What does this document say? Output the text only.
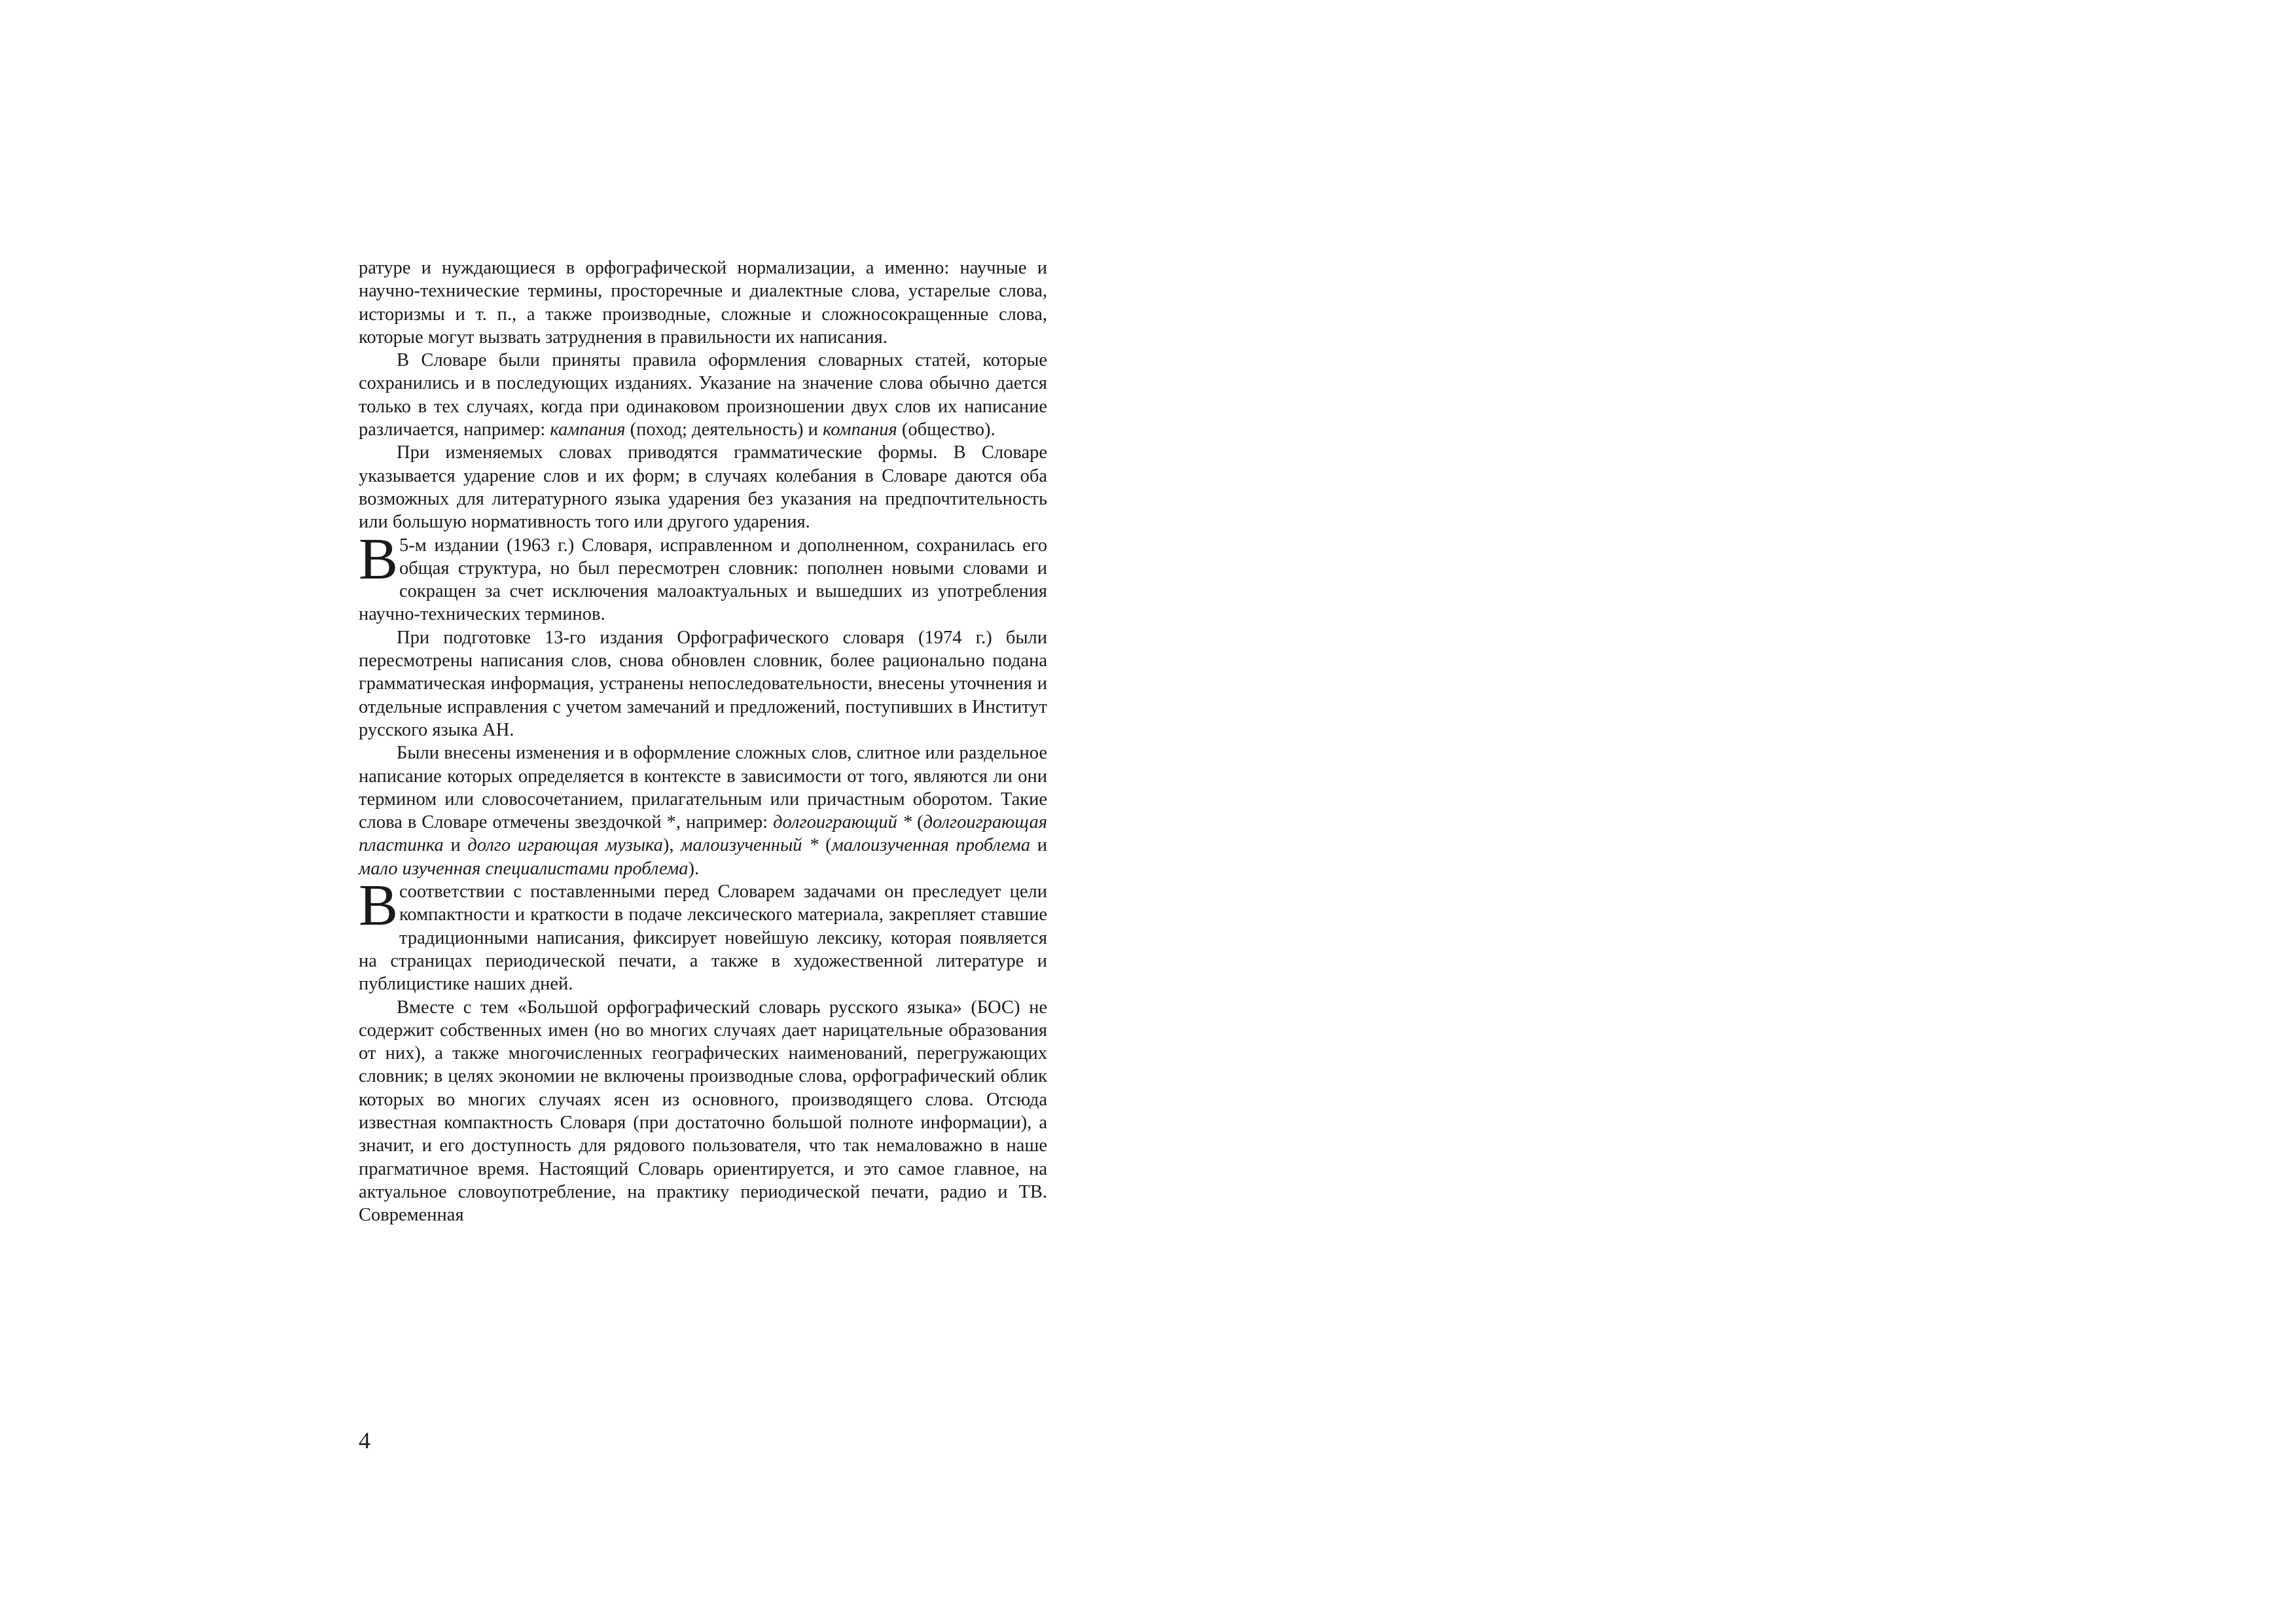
ратуре и нуждающиеся в орфографической нормализации, а именно: научные и научно-технические термины, просторечные и диалектные слова, устарелые слова, историзмы и т. п., а также производные, сложные и сложносокращенные слова, которые могут вызвать затруднения в правильности их написания.

В Словаре были приняты правила оформления словарных статей, которые сохранились и в последующих изданиях. Указание на значение слова обычно дается только в тех случаях, когда при одинаковом произношении двух слов их написание различается, например: кампания (поход; деятельность) и компания (общество).

При изменяемых словах приводятся грамматические формы. В Словаре указывается ударение слов и их форм; в случаях колебания в Словаре даются оба возможных для литературного языка ударения без указания на предпочтительность или большую нормативность того или другого ударения.

В 5-м издании (1963 г.) Словаря, исправленном и дополненном, сохранилась его общая структура, но был пересмотрен словник: пополнен новыми словами и сокращен за счет исключения малоактуальных и вышедших из употребления научно-технических терминов.

При подготовке 13-го издания Орфографического словаря (1974 г.) были пересмотрены написания слов, снова обновлен словник, более рационально подана грамматическая информация, устранены непоследовательности, внесены уточнения и отдельные исправления с учетом замечаний и предложений, поступивших в Институт русского языка АН.

Были внесены изменения и в оформление сложных слов, слитное или раздельное написание которых определяется в контексте в зависимости от того, являются ли они термином или словосочетанием, прилагательным или причастным оборотом. Такие слова в Словаре отмечены звездочкой *, например: долгоиграющий * (долгоиграющая пластинка и долго играющая музыка), малоизученный * (малоизученная проблема и мало изученная специалистами проблема).

В соответствии с поставленными перед Словарем задачами он преследует цели компактности и краткости в подаче лексического материала, закрепляет ставшие традиционными написания, фиксирует новейшую лексику, которая появляется на страницах периодической печати, а также в художественной литературе и публицистике наших дней.

Вместе с тем «Большой орфографический словарь русского языка» (БОС) не содержит собственных имен (но во многих случаях дает нарицательные образования от них), а также многочисленных географических наименований, перегружающих словник; в целях экономии не включены производные слова, орфографический облик которых во многих случаях ясен из основного, производящего слова. Отсюда известная компактность Словаря (при достаточно большой полноте информации), а значит, и его доступность для рядового пользователя, что так немаловажно в наше прагматичное время. Настоящий Словарь ориентируется, и это самое главное, на актуальное словоупотребление, на практику периодической печати, радио и ТВ. Современная

4
